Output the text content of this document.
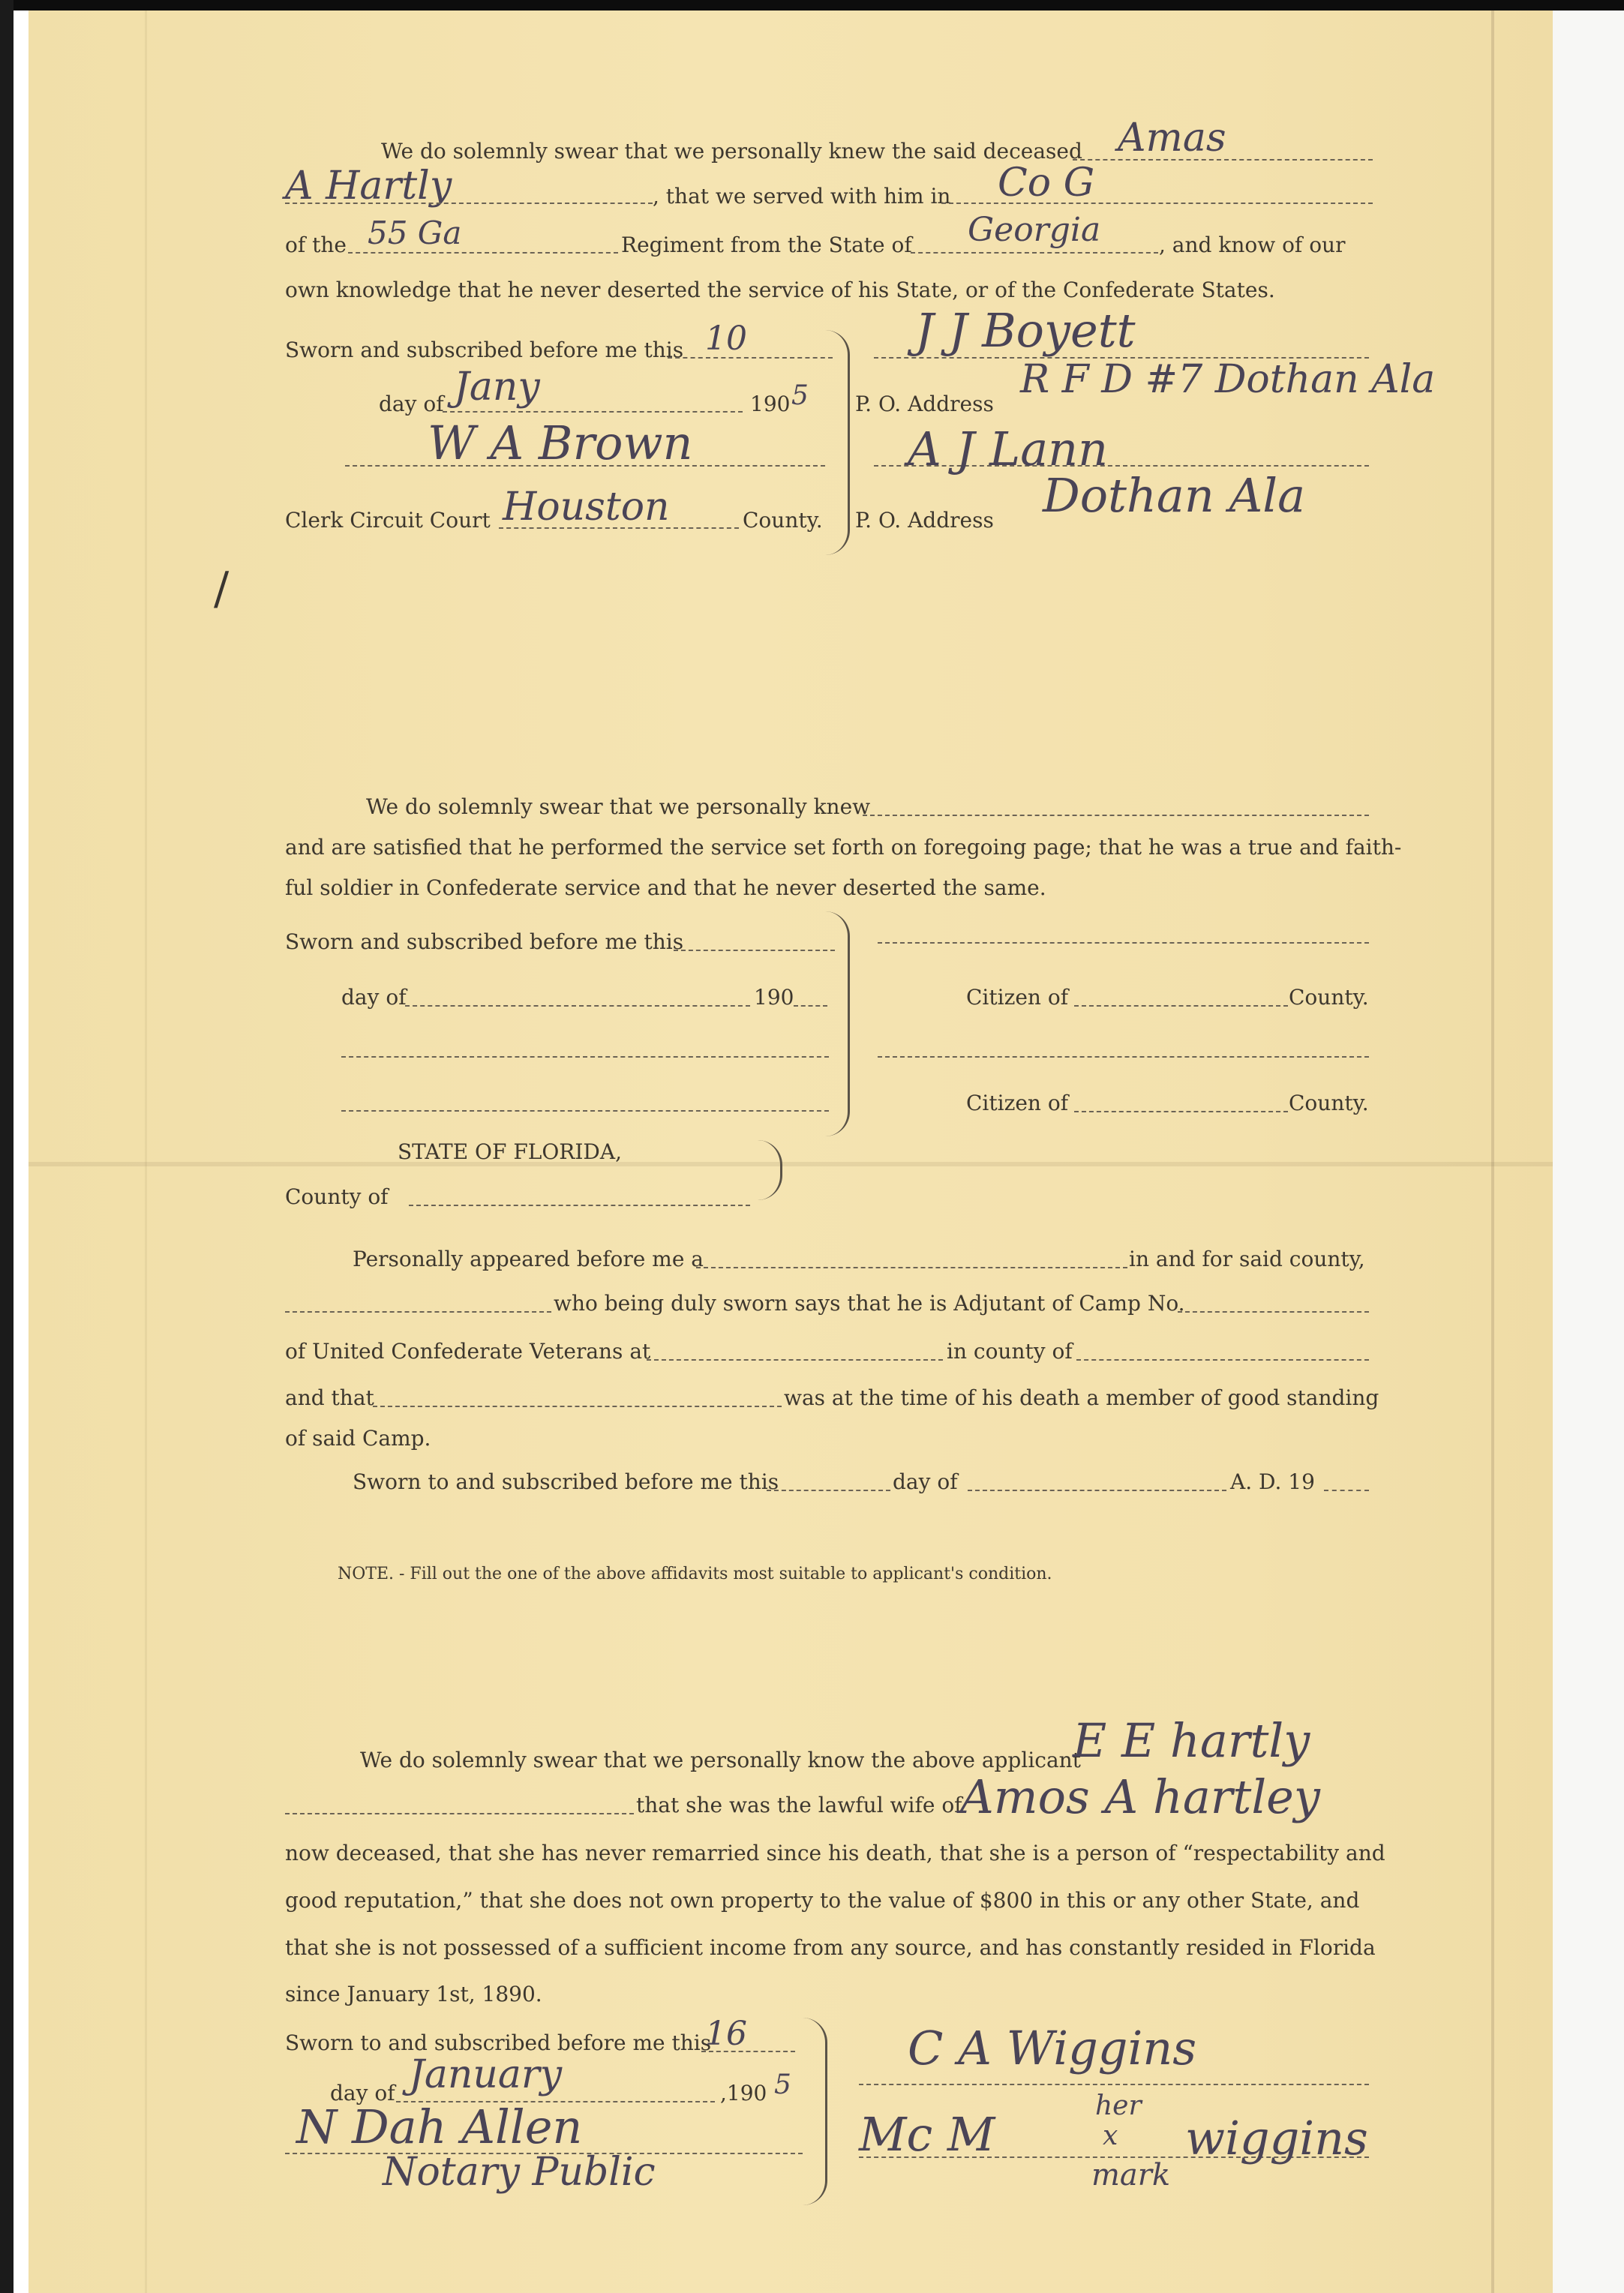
We do solemnly swear that we personally knew the said deceased Amas
A Hartly	, that we served with him in Co G
of the 55 Ga	Regiment from the State of Georgia	, and know of our
own knowledge that he never deserted the service of his State, or of the Confederate States.
Sworn and subscribed before me this 10
day of Jany	190 5
W A Brown
Clerk Circuit Court Houston	County.
J J Boyett
P. O. Address
R F D #7 Dothan Ala
A J Lann
P. O. Address Dothan Ala
/
We do solemnly swear that we personally knew
and are satisfied that he performed the service set forth on foregoing page; that he was a true and faith-
ful soldier in Confederate service and that he never deserted the same.
Sworn and subscribed before me this
day of	190	Citizen of	County.
Citizen of	County.
STATE OF FLORIDA,
County of
Personally appeared before me a	in and for said county,
who being duly sworn says that he is Adjutant of Camp No.
of United Confederate Veterans at	in county of
and that	was at the time of his death a member of good standing
of said Camp.
Sworn to and subscribed before me this	day of	A. D. 19
NOTE. - Fill out the one of the above affidavits most suitable to applicant's condition.
We do solemnly swear that we personally know the above applicant
E E hartly
that she was the lawful wife of
Amos A hartley
now deceased, that she has never remarried since his death, that she is a person of “respectability and
good reputation,” that she does not own property to the value of $800 in this or any other State, and
that she is not possessed of a sufficient income from any source, and has constantly resided in Florida
since January 1st, 1890.
Sworn to and subscribed before me this
16
day of January	,190 5
N Dah Allen
Notary Public
C A Wiggins
Mc M
her
x
mark
wiggins
